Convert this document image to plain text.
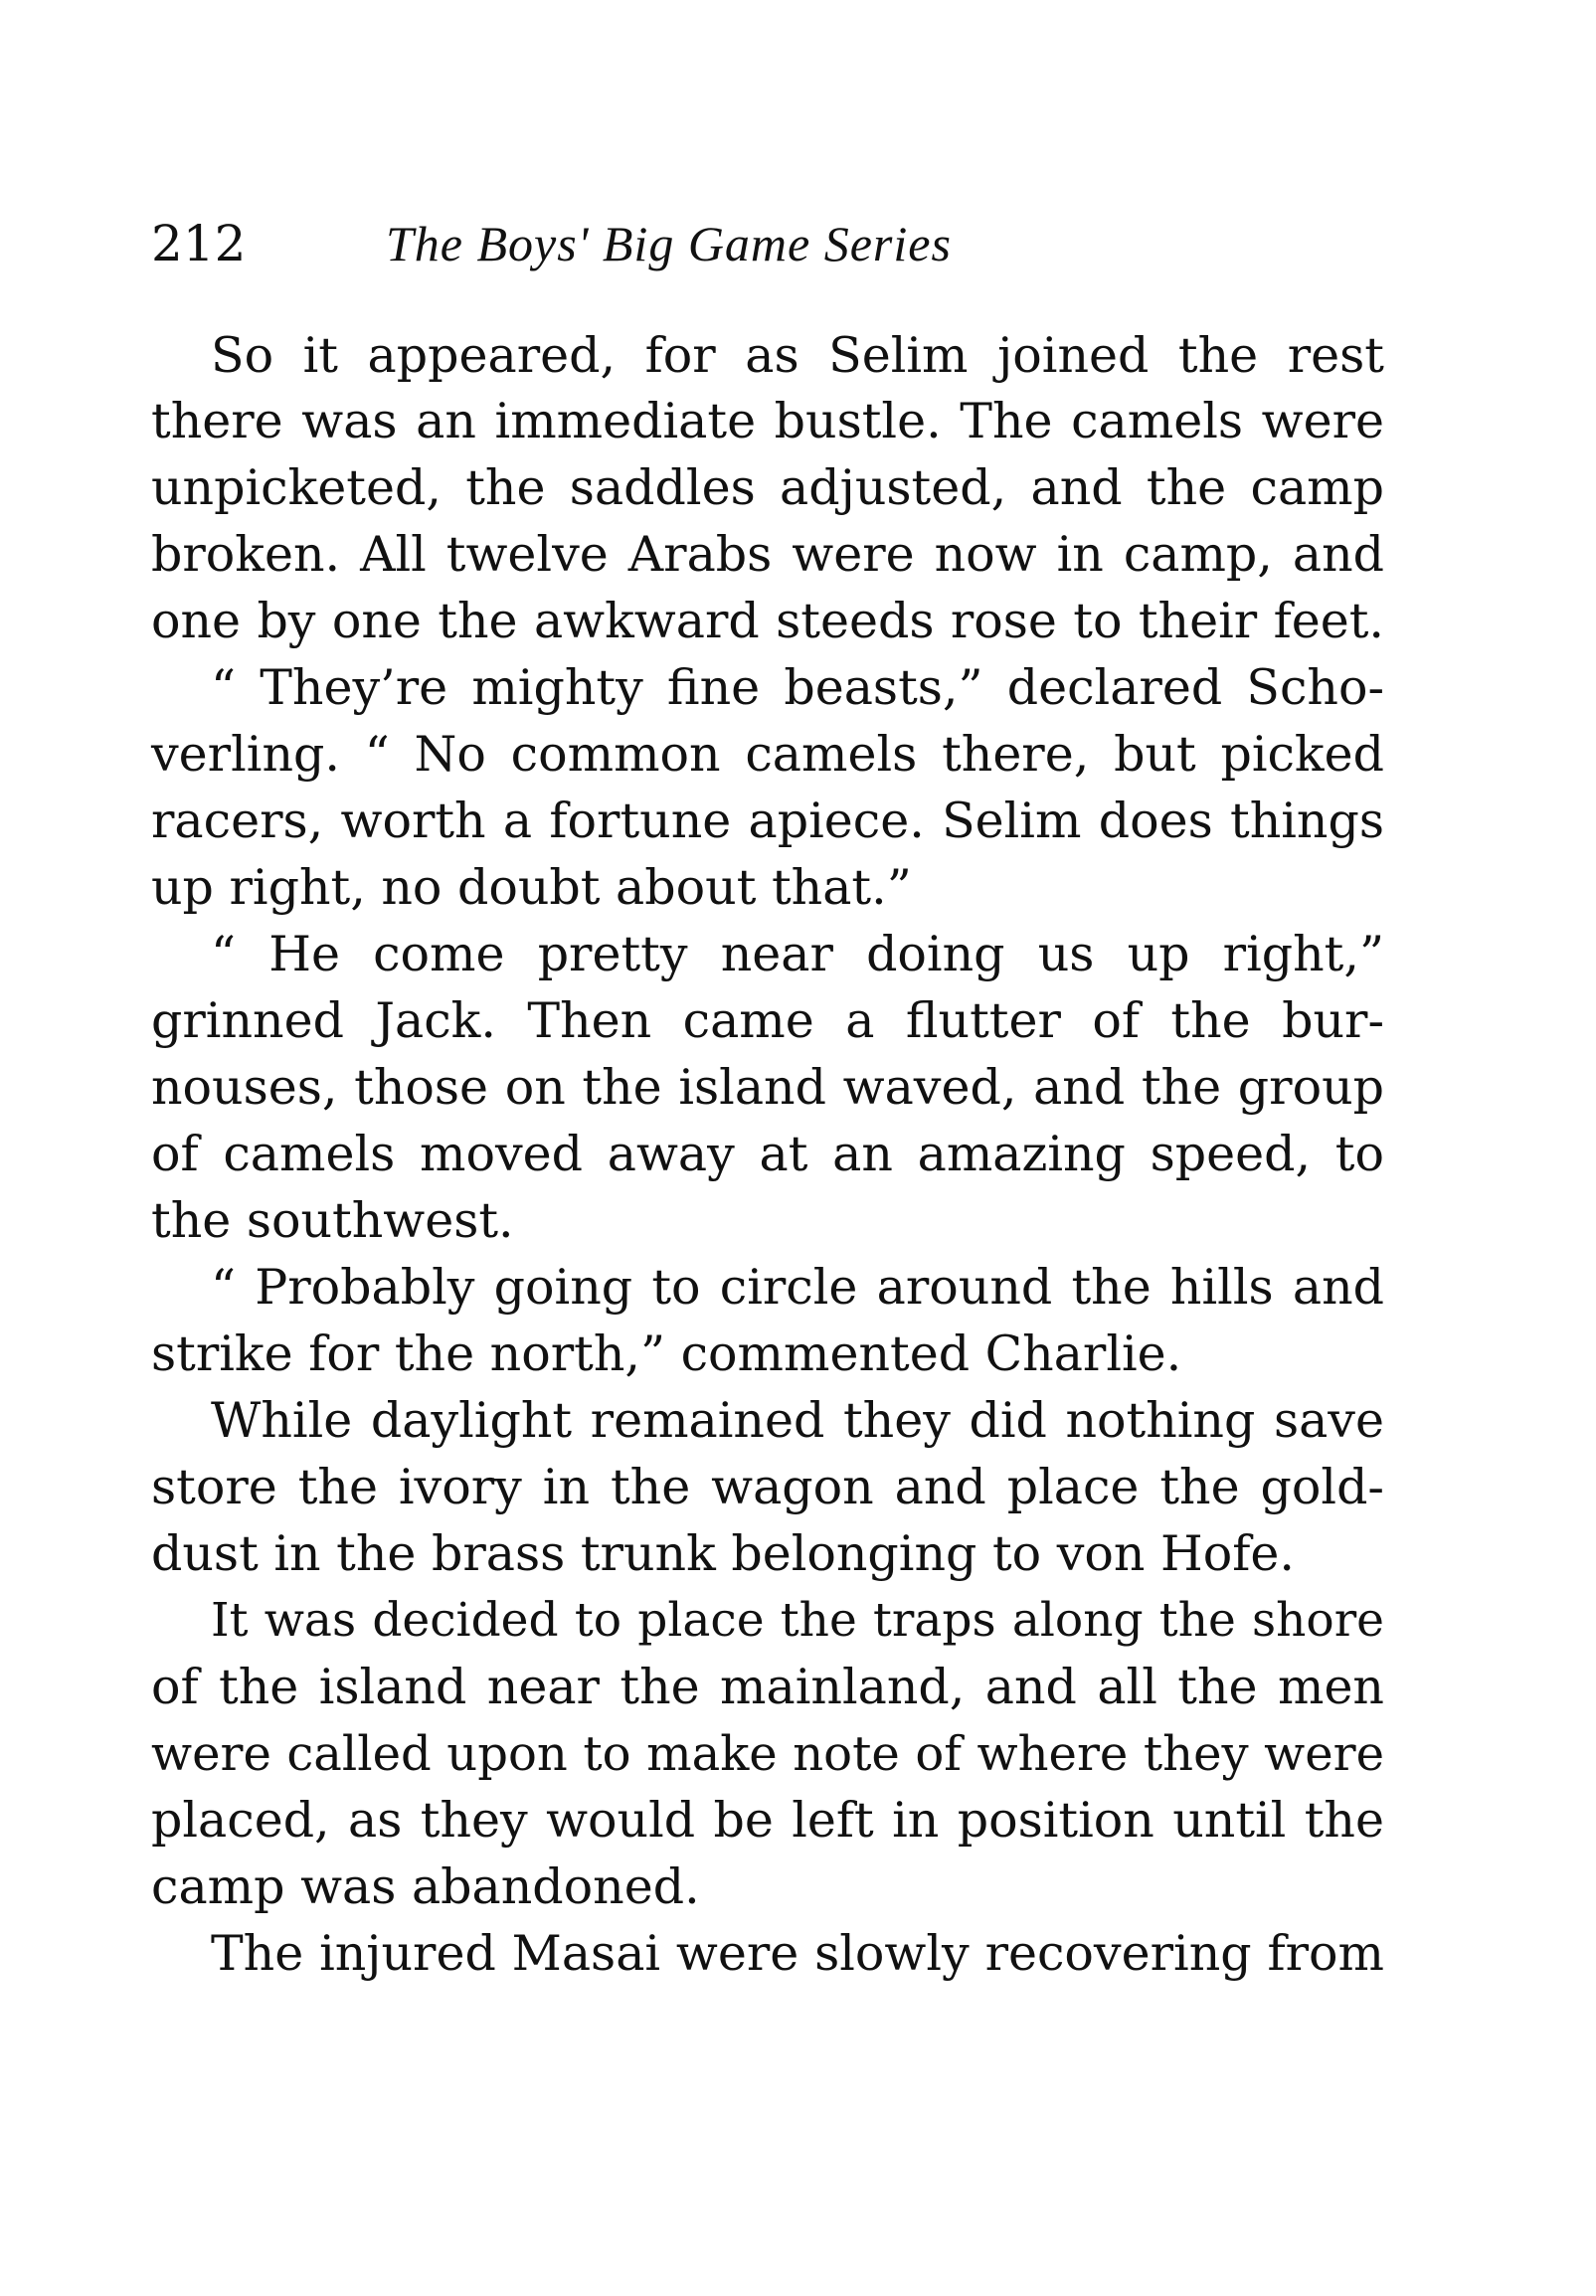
212	The Boys' Big Game Series
So it appeared, for as Selim joined the rest
there was an immediate bustle. The camels were
unpicketed, the saddles adjusted, and the camp
broken. All twelve Arabs were now in camp, and
one by one the awkward steeds rose to their feet.
“ They’re mighty fine beasts,” declared Scho-
verling. “ No common camels there, but picked
racers, worth a fortune apiece. Selim does things
up right, no doubt about that.”
“ He come pretty near doing us up right,”
grinned Jack. Then came a flutter of the bur-
nouses, those on the island waved, and the group
of camels moved away at an amazing speed, to
the southwest.
“ Probably going to circle around the hills and
strike for the north,” commented Charlie.
While daylight remained they did nothing save
store the ivory in the wagon and place the gold-
dust in the brass trunk belonging to von Hofe.
It was decided to place the traps along the shore
of the island near the mainland, and all the men
were called upon to make note of where they were
placed, as they would be left in position until the
camp was abandoned.
The injured Masai were slowly recovering from
